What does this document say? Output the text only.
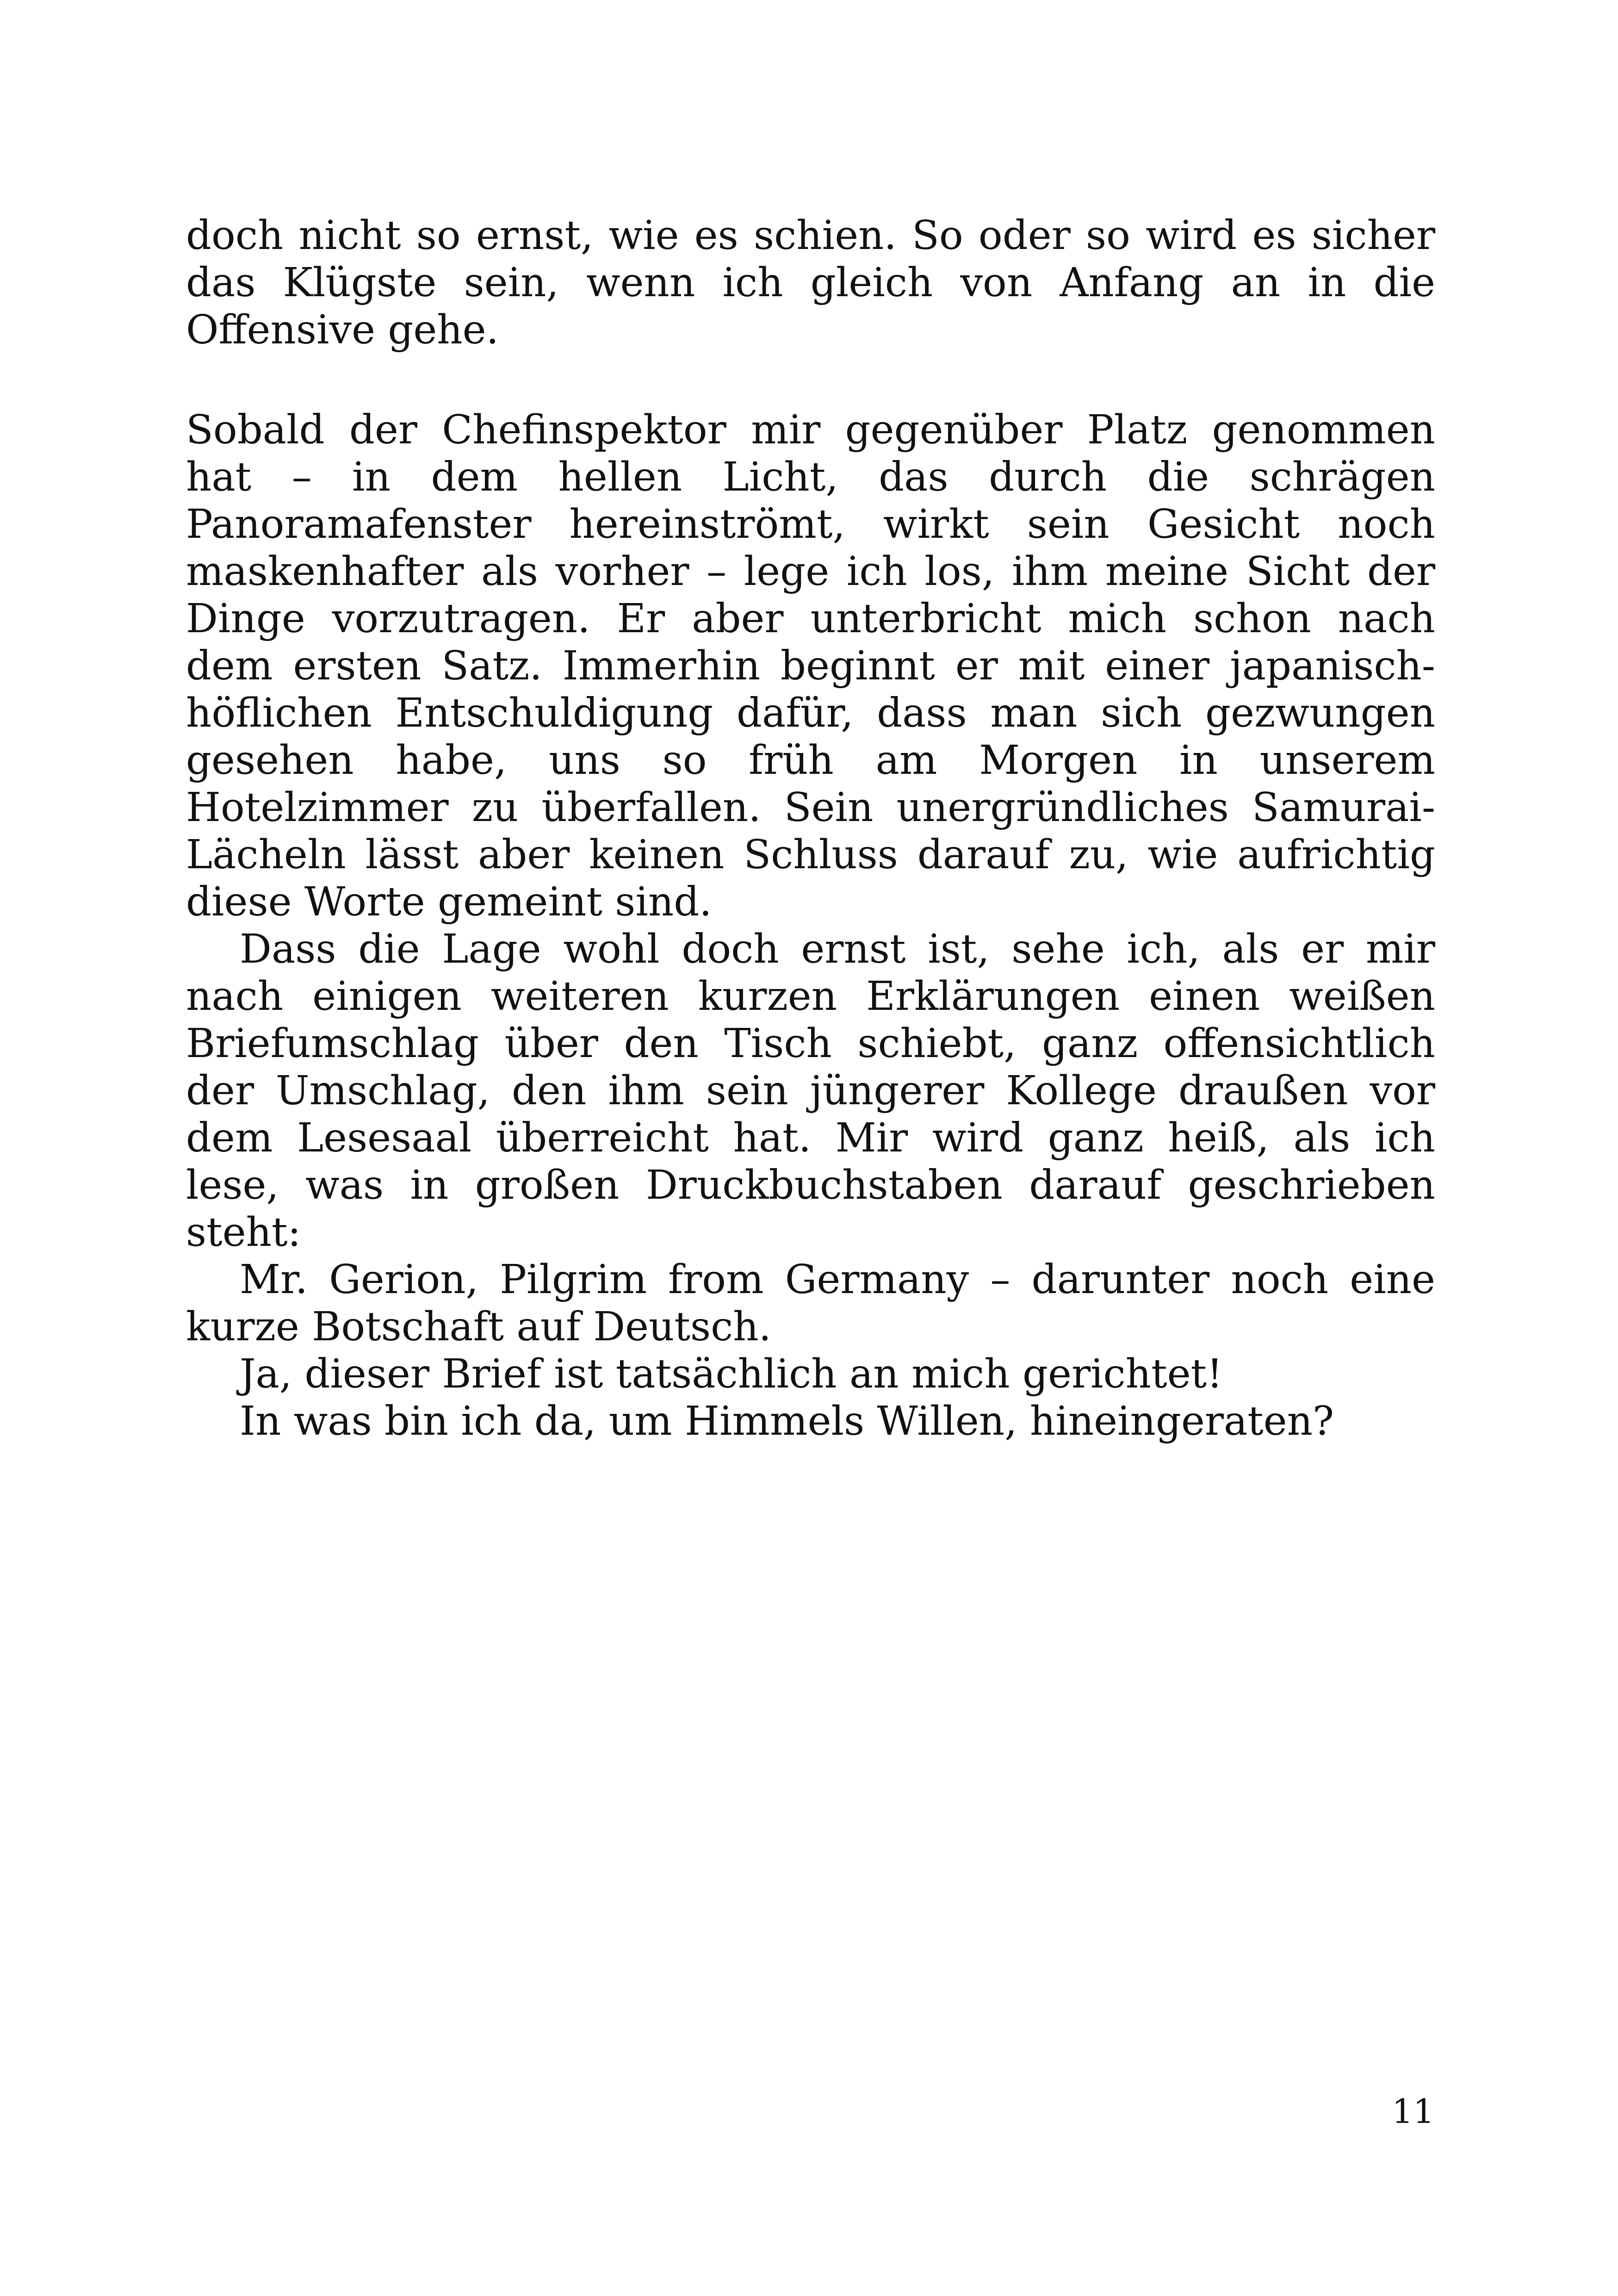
doch nicht so ernst, wie es schien. So oder so wird es sicher das Klügste sein, wenn ich gleich von Anfang an in die Offensive gehe.

Sobald der Chefinspektor mir gegenüber Platz genommen hat – in dem hellen Licht, das durch die schrägen Panoramafenster hereinströmt, wirkt sein Gesicht noch maskenhafter als vorher – lege ich los, ihm meine Sicht der Dinge vorzutragen. Er aber unterbricht mich schon nach dem ersten Satz. Immerhin beginnt er mit einer japanisch-höflichen Entschuldigung dafür, dass man sich gezwungen gesehen habe, uns so früh am Morgen in unserem Hotelzimmer zu überfallen. Sein unergründliches Samurai-Lächeln lässt aber keinen Schluss darauf zu, wie aufrichtig diese Worte gemeint sind.

Dass die Lage wohl doch ernst ist, sehe ich, als er mir nach einigen weiteren kurzen Erklärungen einen weißen Briefumschlag über den Tisch schiebt, ganz offensichtlich der Umschlag, den ihm sein jüngerer Kollege draußen vor dem Lesesaal überreicht hat. Mir wird ganz heiß, als ich lese, was in großen Druckbuchstaben darauf geschrieben steht:

Mr. Gerion, Pilgrim from Germany – darunter noch eine kurze Botschaft auf Deutsch.

Ja, dieser Brief ist tatsächlich an mich gerichtet!

In was bin ich da, um Himmels Willen, hineingeraten?

11
